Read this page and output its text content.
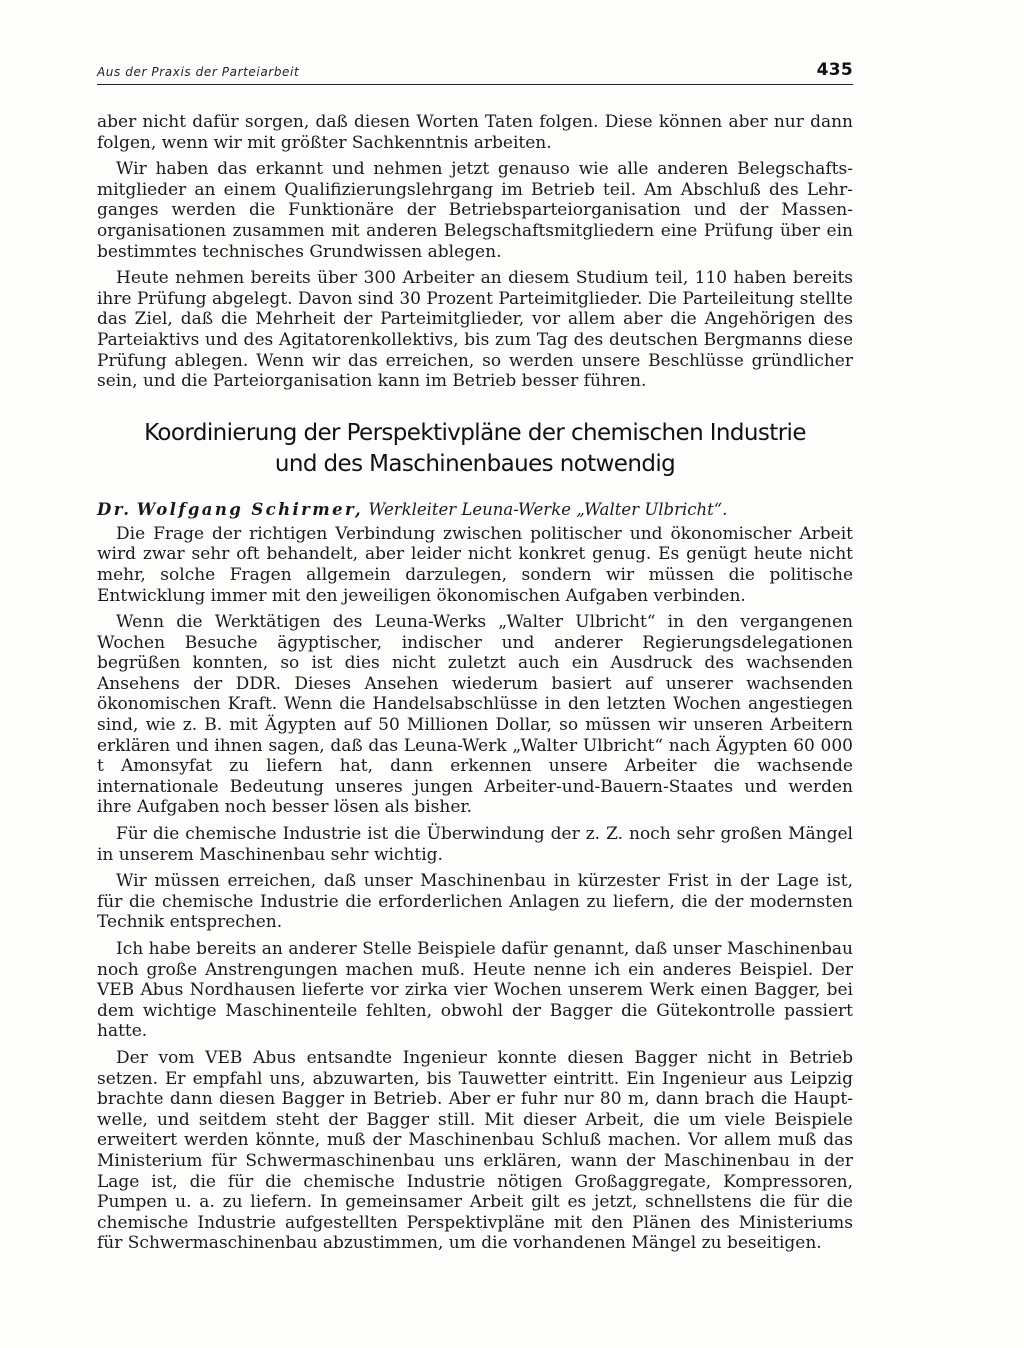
Aus der Praxis der Parteiarbeit	435

aber nicht dafür sorgen, daß diesen Worten Taten folgen. Diese können aber nur dann folgen, wenn wir mit größter Sachkenntnis arbeiten.

Wir haben das erkannt und nehmen jetzt genauso wie alle anderen Belegschaftsmitglieder an einem Qualifizierungslehrgang im Betrieb teil. Am Abschluß des Lehrganges werden die Funktionäre der Betriebsparteiorganisation und der Massenorganisationen zusammen mit anderen Belegschaftsmitgliedern eine Prüfung über ein bestimmtes technisches Grundwissen ablegen.

Heute nehmen bereits über 300 Arbeiter an diesem Studium teil, 110 haben bereits ihre Prüfung abgelegt. Davon sind 30 Prozent Parteimitglieder. Die Parteileitung stellte das Ziel, daß die Mehrheit der Parteimitglieder, vor allem aber die Angehörigen des Parteiaktivs und des Agitatorenkollektivs, bis zum Tag des deutschen Bergmanns diese Prüfung ablegen. Wenn wir das erreichen, so werden unsere Beschlüsse gründlicher sein, und die Parteiorganisation kann im Betrieb besser führen.

Koordinierung der Perspektivpläne der chemischen Industrie
und des Maschinenbaues notwendig
Dr. Wolfgang Schirmer, Werkleiter Leuna-Werke „Walter Ulbricht“.

Die Frage der richtigen Verbindung zwischen politischer und ökonomischer Arbeit wird zwar sehr oft behandelt, aber leider nicht konkret genug. Es genügt heute nicht mehr, solche Fragen allgemein darzulegen, sondern wir müssen die politische Entwicklung immer mit den jeweiligen ökonomischen Aufgaben verbinden.

Wenn die Werktätigen des Leuna-Werks „Walter Ulbricht“ in den vergangenen Wochen Besuche ägyptischer, indischer und anderer Regierungsdelegationen begrüßen konnten, so ist dies nicht zuletzt auch ein Ausdruck des wachsenden Ansehens der DDR. Dieses Ansehen wiederum basiert auf unserer wachsenden ökonomischen Kraft. Wenn die Handelsabschlüsse in den letzten Wochen angestiegen sind, wie z. B. mit Ägypten auf 50 Millionen Dollar, so müssen wir unseren Arbeitern erklären und ihnen sagen, daß das Leuna-Werk „Walter Ulbricht“ nach Ägypten 60 000 t Amonsyfat zu liefern hat, dann erkennen unsere Arbeiter die wachsende internationale Bedeutung unseres jungen Arbeiter-und-Bauern-Staates und werden ihre Aufgaben noch besser lösen als bisher.

Für die chemische Industrie ist die Überwindung der z. Z. noch sehr großen Mängel in unserem Maschinenbau sehr wichtig.

Wir müssen erreichen, daß unser Maschinenbau in kürzester Frist in der Lage ist, für die chemische Industrie die erforderlichen Anlagen zu liefern, die der modernsten Technik entsprechen.

Ich habe bereits an anderer Stelle Beispiele dafür genannt, daß unser Maschinenbau noch große Anstrengungen machen muß. Heute nenne ich ein anderes Beispiel. Der VEB Abus Nordhausen lieferte vor zirka vier Wochen unserem Werk einen Bagger, bei dem wichtige Maschinenteile fehlten, obwohl der Bagger die Gütekontrolle passiert hatte.

Der vom VEB Abus entsandte Ingenieur konnte diesen Bagger nicht in Betrieb setzen. Er empfahl uns, abzuwarten, bis Tauwetter eintritt. Ein Ingenieur aus Leipzig brachte dann diesen Bagger in Betrieb. Aber er fuhr nur 80 m, dann brach die Hauptwelle, und seitdem steht der Bagger still. Mit dieser Arbeit, die um viele Beispiele erweitert werden könnte, muß der Maschinenbau Schluß machen. Vor allem muß das Ministerium für Schwermaschinenbau uns erklären, wann der Maschinenbau in der Lage ist, die für die chemische Industrie nötigen Großaggregate, Kompressoren, Pumpen u. a. zu liefern. In gemeinsamer Arbeit gilt es jetzt, schnellstens die für die chemische Industrie aufgestellten Perspektivpläne mit den Plänen des Ministeriums für Schwermaschinenbau abzustimmen, um die vorhandenen Mängel zu beseitigen.
